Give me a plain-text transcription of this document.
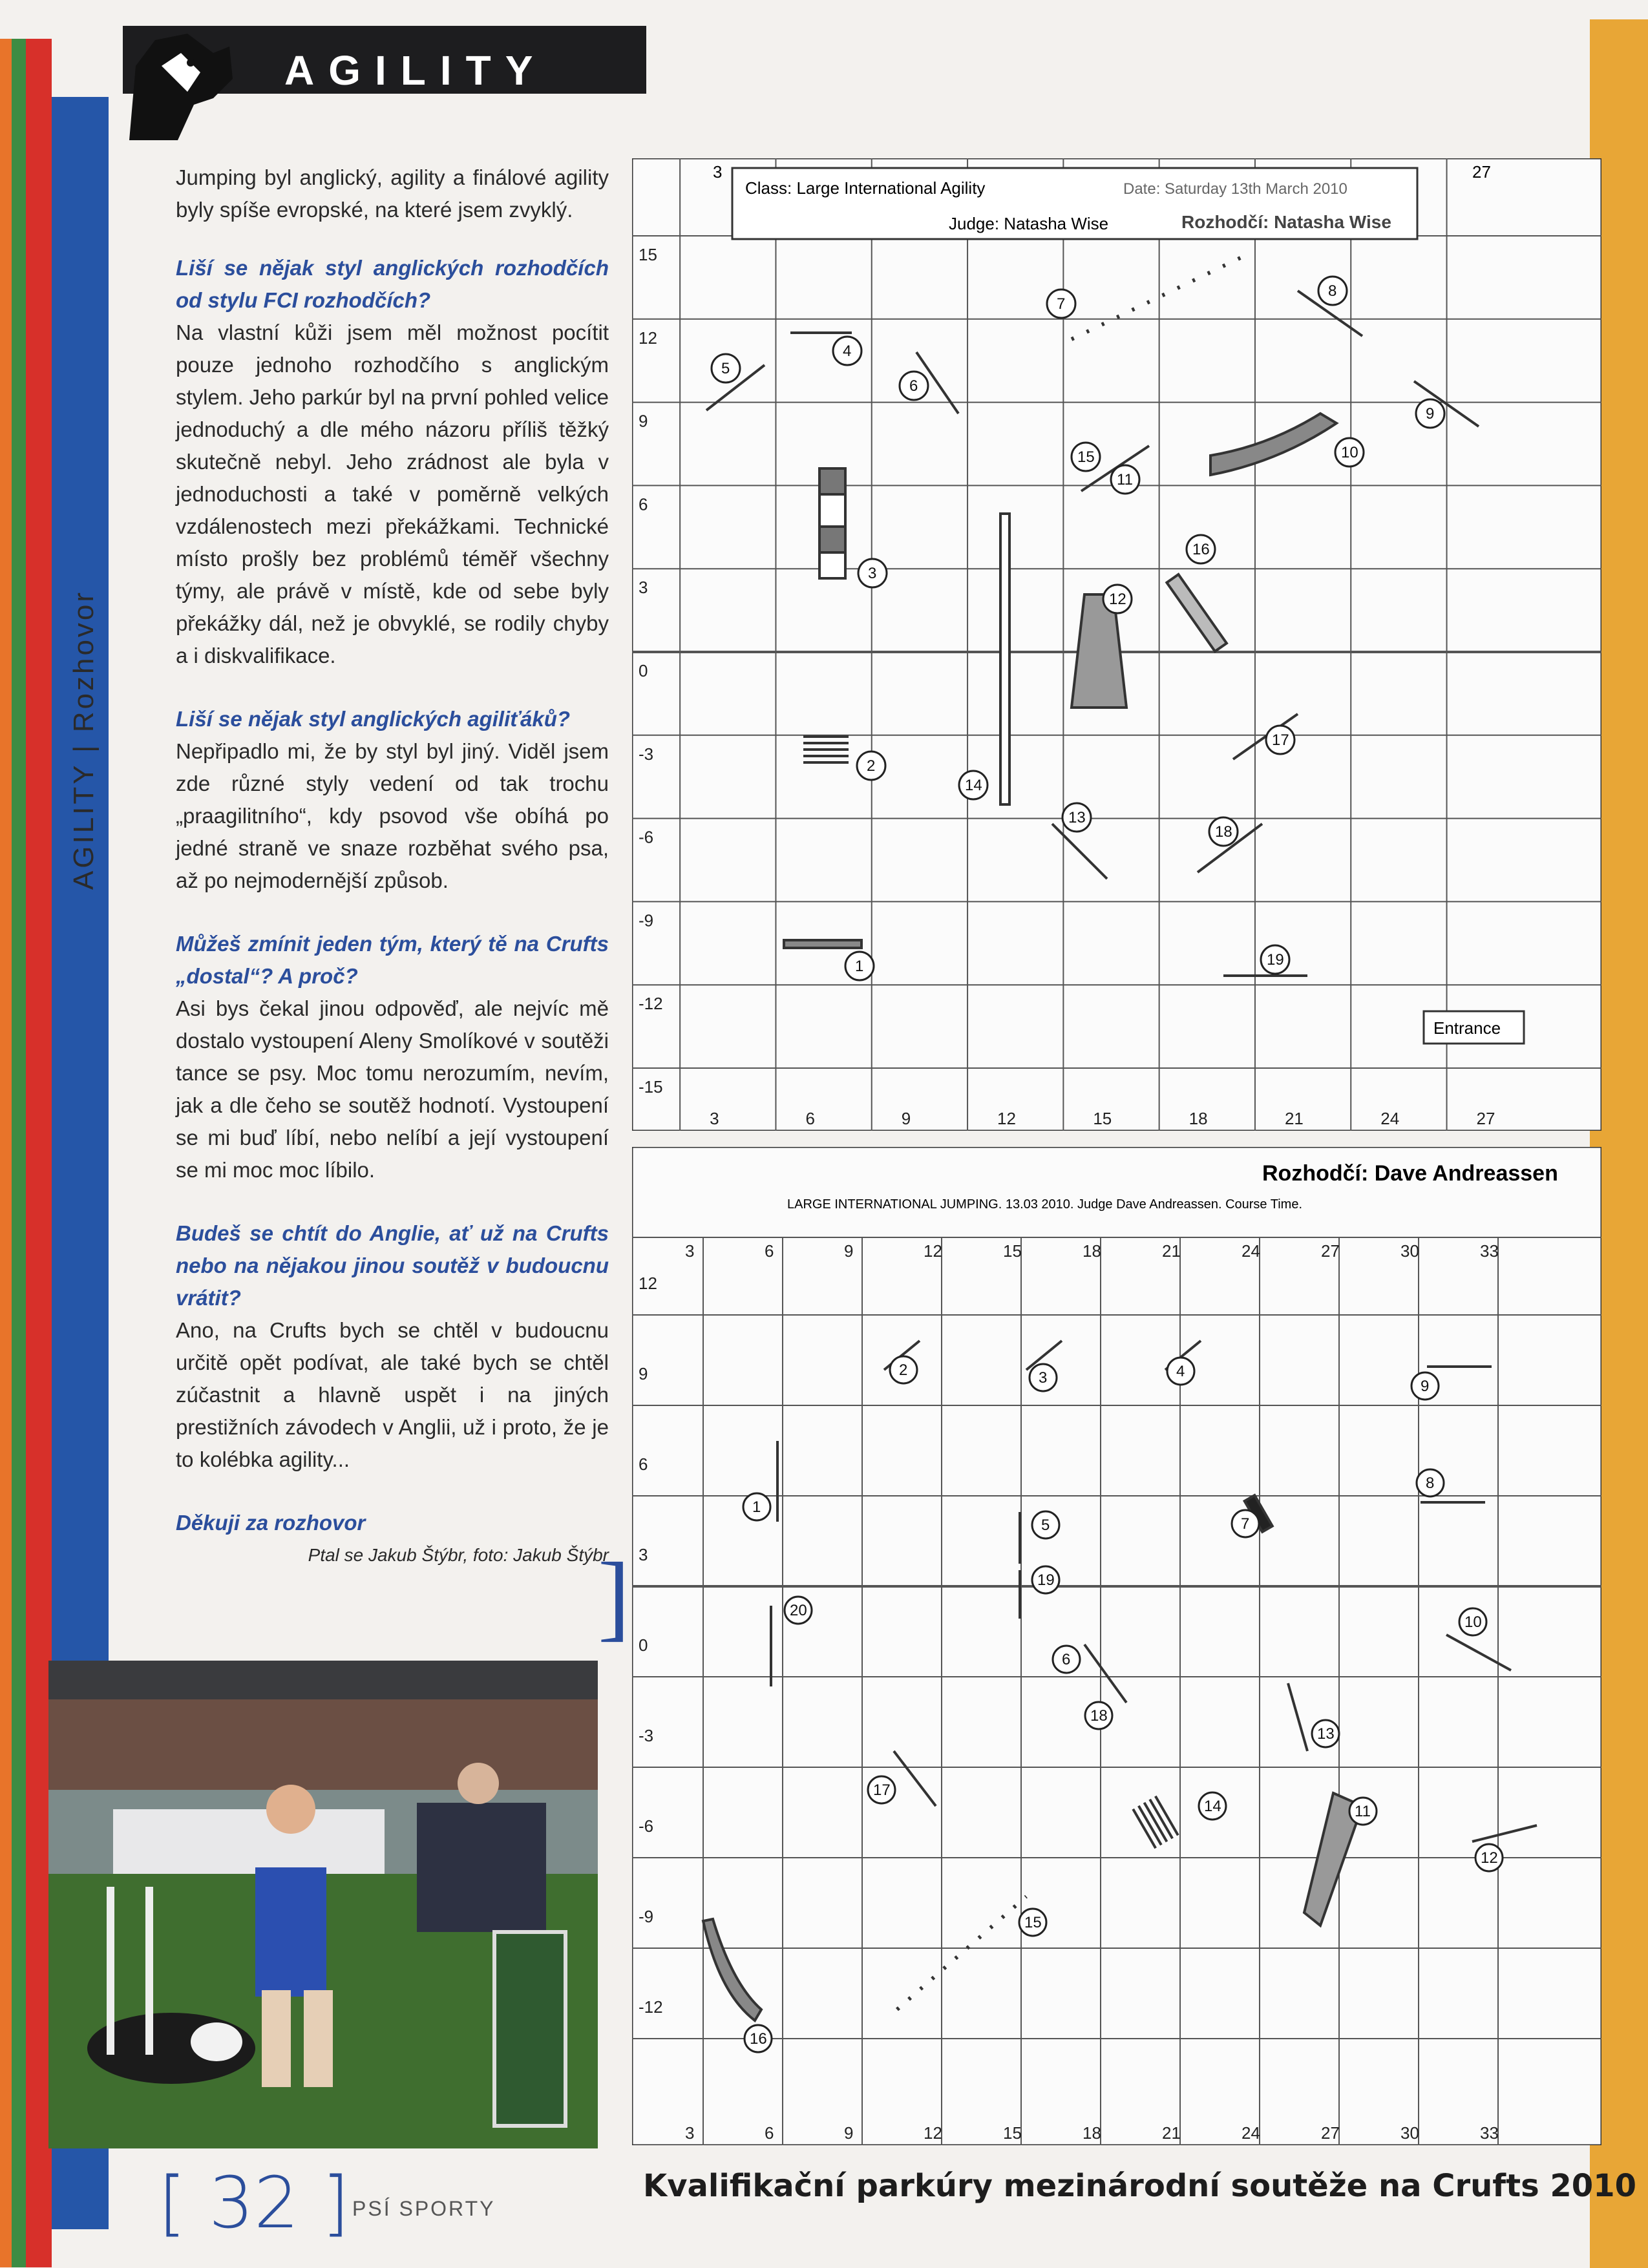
AGILITY
AGILITY | Rozhovor

Jumping byl anglický, agility a finálové agility byly spíše evropské, na které jsem zvyklý.

Liší se nějak styl anglických rozhodčích od stylu FCI rozhodčích?

Na vlastní kůži jsem měl možnost pocítit pouze jednoho rozhodčího s anglickým stylem. Jeho parkúr byl na první pohled velice jednoduchý a dle mého názoru příliš těžký skutečně nebyl. Jeho zrádnost ale byla v jednoduchosti a také v poměrně velkých vzdálenostech mezi překážkami. Technické místo prošly bez problémů téměř všechny týmy, ale právě v místě, kde od sebe byly překážky dál, než je obvyklé, se rodily chyby a i diskvalifikace.

Liší se nějak styl anglických agiliťáků?

Nepřipadlo mi, že by styl byl jiný. Viděl jsem zde různé styly vedení od tak trochu „praagilitního“, kdy psovod vše obíhá po jedné straně ve snaze rozběhat svého psa, až po nejmodernější způsob.

Můžeš zmínit jeden tým, který tě na Crufts „dostal“? A proč?

Asi bys čekal jinou odpověď, ale nejvíc mě dostalo vystoupení Aleny Smolíkové v soutěži tance se psy. Moc tomu nerozumím, nevím, jak a dle čeho se soutěž hodnotí. Vystoupení se mi buď líbí, nebo nelíbí a její vystoupení se mi moc moc líbilo.

Budeš se chtít do Anglie, ať už na Crufts nebo na nějakou jinou soutěž v budoucnu vrátit?

Ano, na Crufts bych se chtěl v budoucnu určitě opět podívat, ale také bych se chtěl zúčastnit a hlavně uspět i na jiných prestižních závodech v Anglii, už i proto, že je to kolébka agility...

Děkuji za rozhovor

Ptal se Jakub Štýbr, foto: Jakub Štýbr

]
3	6	9	12	15	18	21	24	27
15
12
9
6
3
0
-3
-6
-9
-12
-15
Class: Large International Agility	Date: Saturday 13th March 2010
Judge: Natasha Wise	Rozhodčí: Natasha Wise
3	27
Entrance
1
2
3
4
5
6
7
8
9
10
11
12
13
14
15
16
17
18
19
Rozhodčí: Dave Andreassen
LARGE INTERNATIONAL JUMPING. 13.03 2010. Judge Dave Andreassen. Course Time.
3
3
6
6
9
9
12
12
15
15
18
18
21
21
24
24
27
27
30
30
33
33
12
9
6
3
0
-3
-6
-9
-12
1
2	3	4
5
6
7
8
9
10
11
12
13
14
15
16
17
18
19
20
[ 32 ] PSÍ SPORTY
Kvalifikační parkúry mezinárodní soutěže na Crufts 2010
